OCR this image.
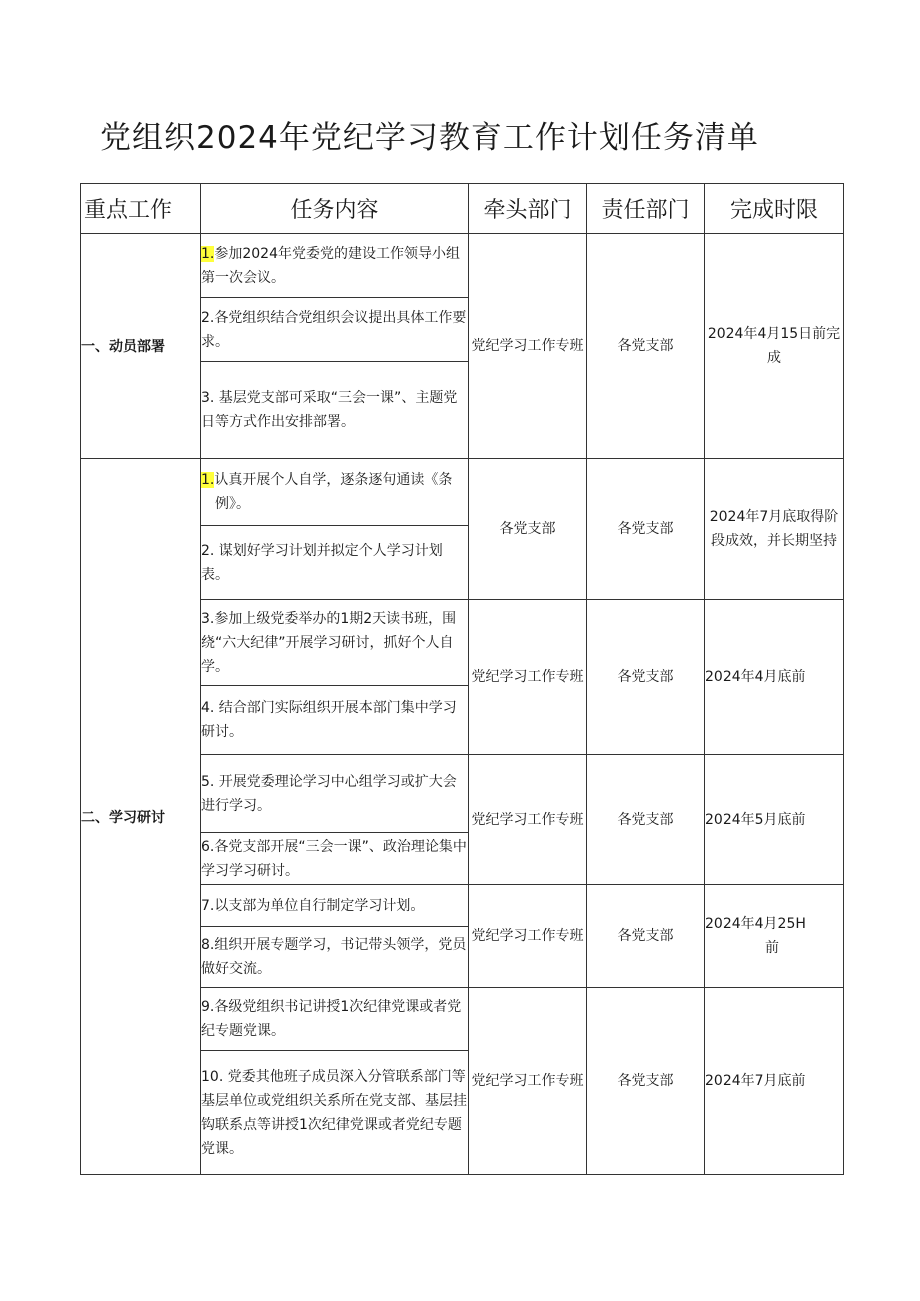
党组织2024年党纪学习教育工作计划任务清单
重点工作	任务内容	牵头部门	责任部门	完成时限
一、动员部署	1.参加2024年党委党的建设工作领导小组第一次会议。	党纪学习工作专班	各党支部	2024年4月15日前完成
	2.各党组织结合党组织会议提出具体工作要求。			
	3. 基层党支部可采取“三会一课”、主题党日等方式作出安排部署。			
二、学习研讨	1.认真开展个人自学，逐条逐句通读《条
例》。	各党支部	各党支部	2024年7月底取得阶段成效，并长期坚持
	2. 谋划好学习计划并拟定个人学习计划表。			
	3.参加上级党委举办的1期2天读书班，围绕“六大纪律”开展学习研讨，抓好个人自学。	党纪学习工作专班	各党支部	2024年4月底前
	4. 结合部门实际组织开展本部门集中学习研讨。			
	5. 开展党委理论学习中心组学习或扩大会进行学习。	党纪学习工作专班	各党支部	2024年5月底前
	6.各党支部开展“三会一课”、政治理论集中学习学习研讨。			
	7.以支部为单位自行制定学习计划。	党纪学习工作专班	各党支部	2024年4月25H
前
	8.组织开展专题学习，书记带头领学，党员做好交流。			
	9.各级党组织书记讲授1次纪律党课或者党纪专题党课。	党纪学习工作专班	各党支部	2024年7月底前
	10. 党委其他班子成员深入分管联系部门等基层单位或党组织关系所在党支部、基层挂钩联系点等讲授1次纪律党课或者党纪专题党课。			
